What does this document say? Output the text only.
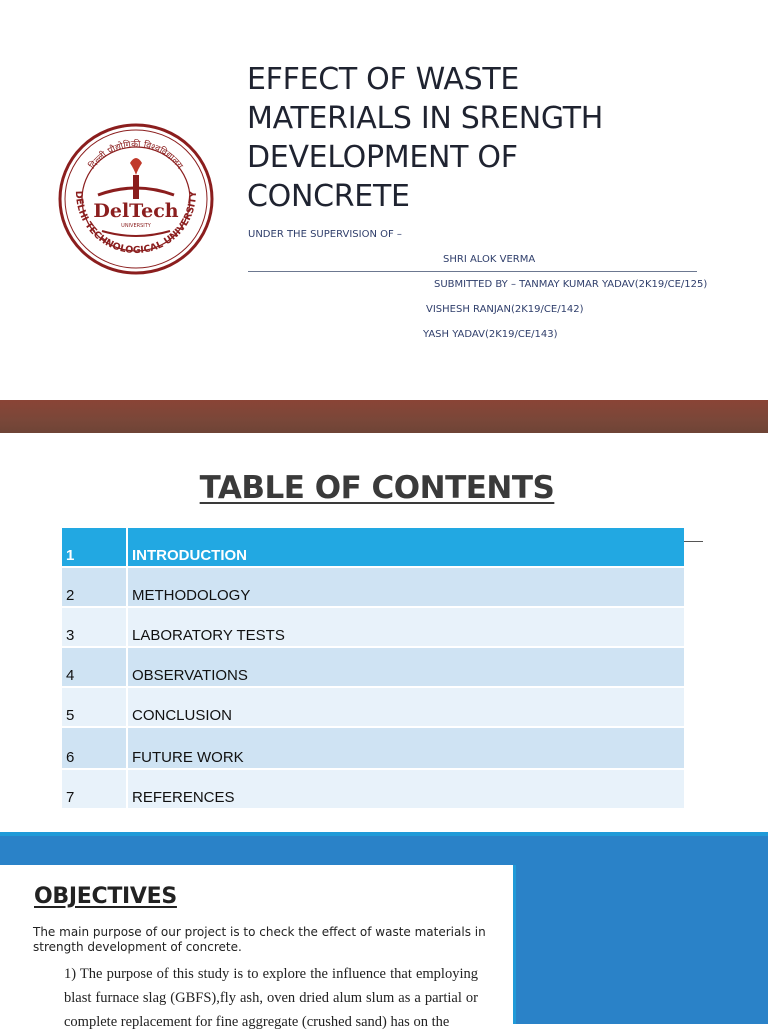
दिल्ली प्रौद्योगिकी विश्वविद्यालय
DELHI TECHNOLOGICAL UNIVERSITY
DelTech
UNIVERSITY
EFFECT OF WASTE MATERIALS IN SRENGTH DEVELOPMENT OF CONCRETE
UNDER THE SUPERVISION OF –
SHRI ALOK VERMA
SUBMITTED BY – TANMAY KUMAR YADAV(2K19/CE/125)
VISHESH RANJAN(2K19/CE/142)
YASH YADAV(2K19/CE/143)
TABLE OF CONTENTS
1	INTRODUCTION
2	METHODOLOGY
3	LABORATORY TESTS
4	OBSERVATIONS
5	CONCLUSION
6	FUTURE WORK
7	REFERENCES
OBJECTIVES

The main purpose of our project is to check the effect of waste materials in strength development of concrete.

1) The purpose of this study is to explore the influence that employing blast furnace slag (GBFS),fly ash, oven dried alum slum as a partial or complete replacement for fine aggregate (crushed sand) has on the
